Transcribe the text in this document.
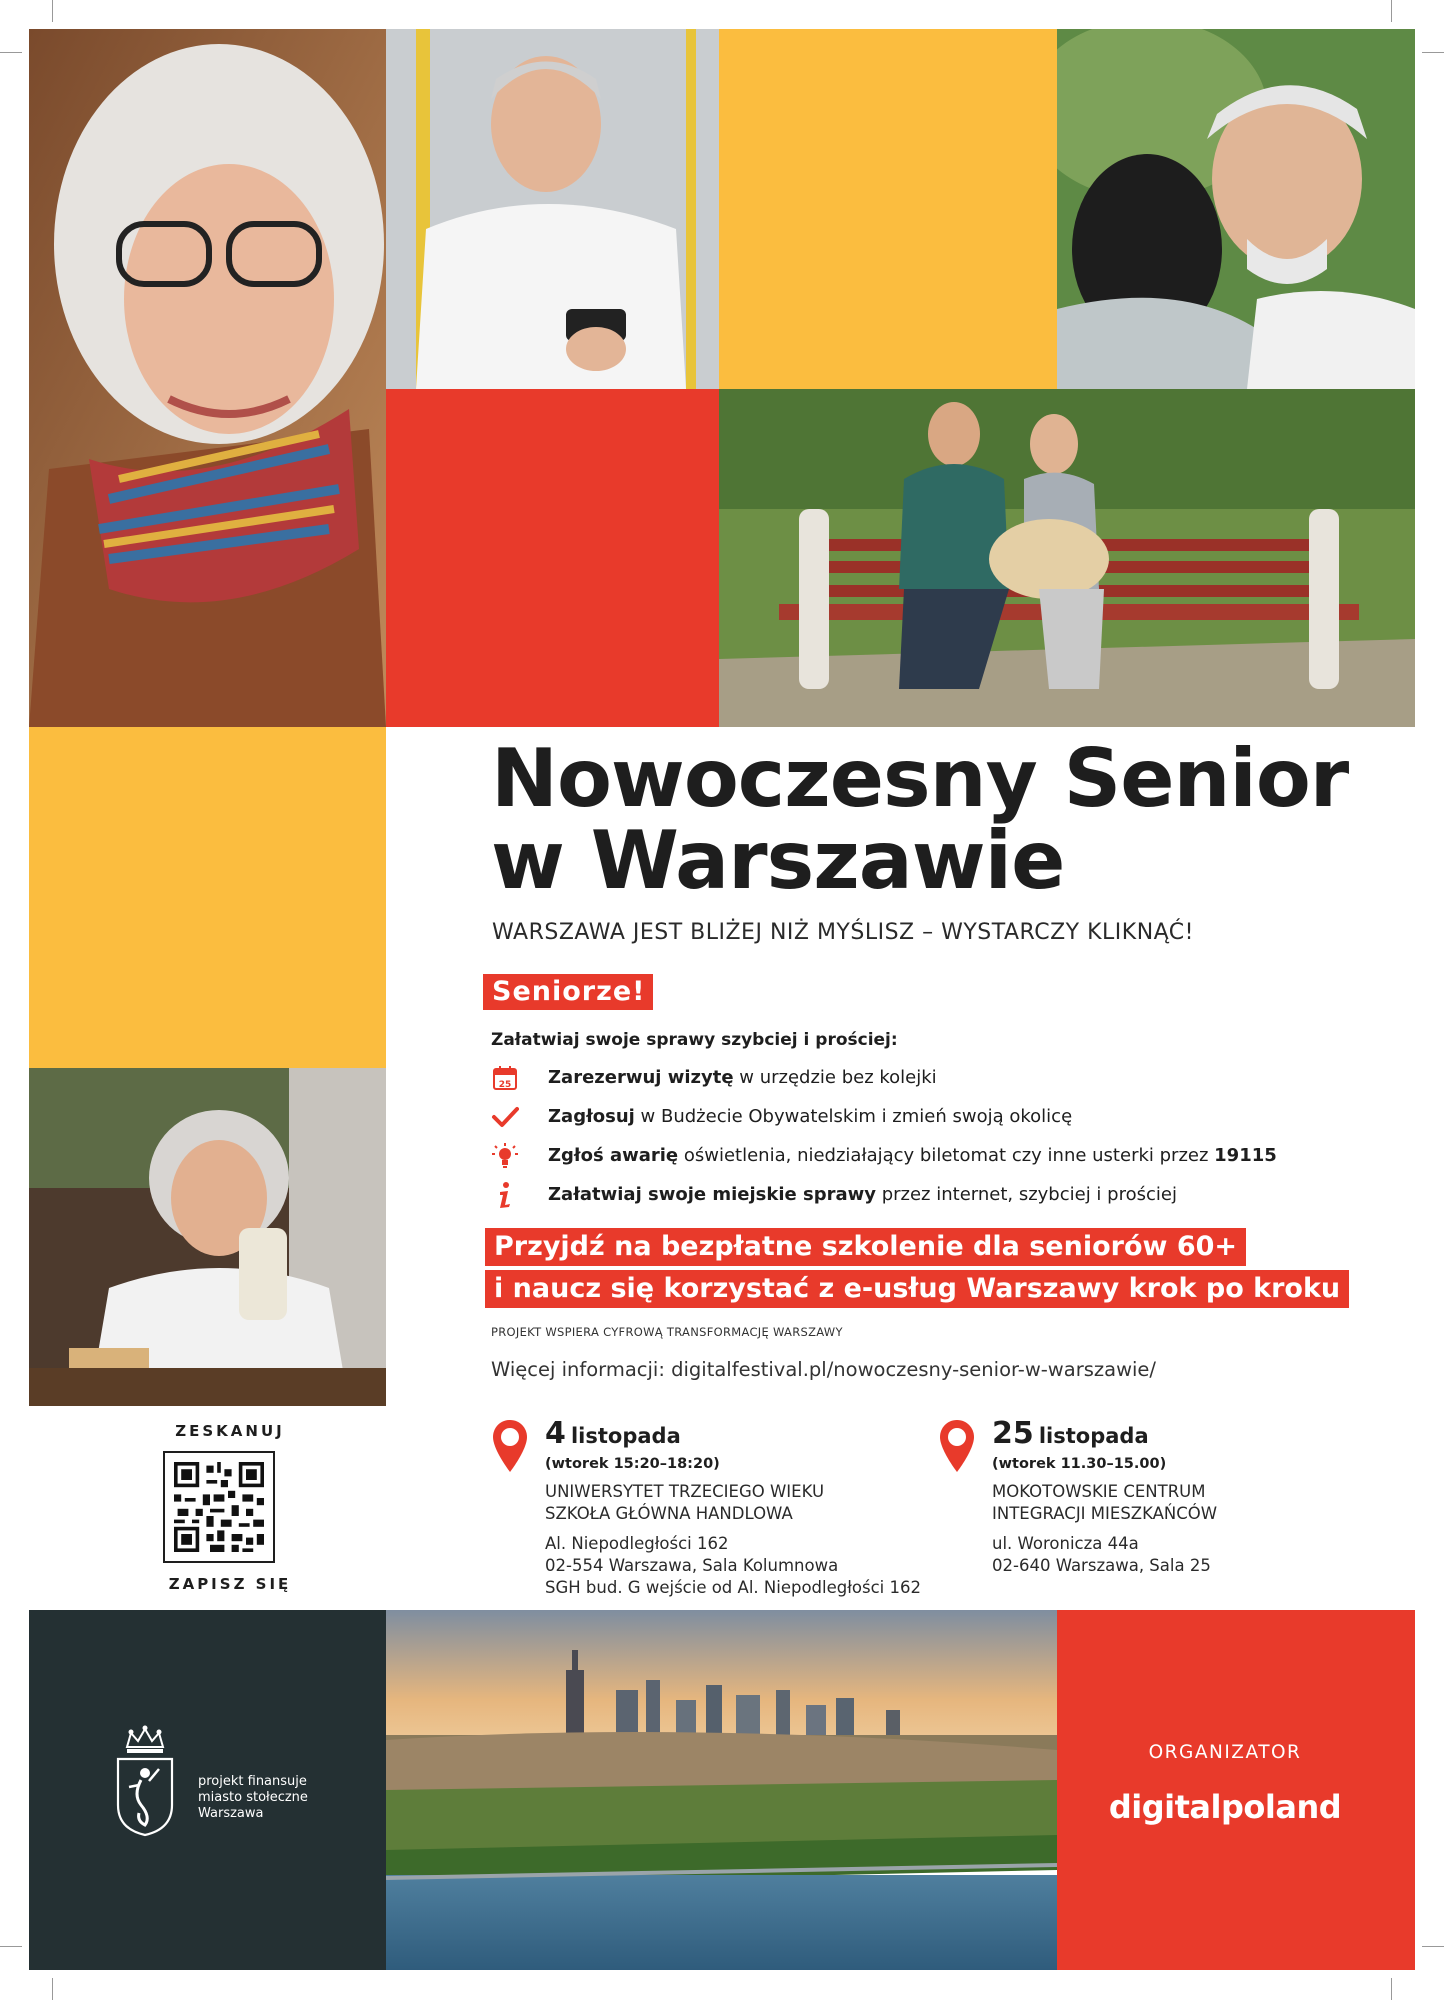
Nowoczesny Senior
w Warszawie
WARSZAWA JEST BLIŻEJ NIŻ MYŚLISZ – WYSTARCZY KLIKNĄĆ!
Seniorze!
Załatwiaj swoje sprawy szybciej i prościej:
25 Zarezerwuj wizytę w urzędzie bez kolejki
Zagłosuj w Budżecie Obywatelskim i zmień swoją okolicę
Zgłoś awarię oświetlenia, niedziałający biletomat czy inne usterki przez 19115
Załatwiaj swoje miejskie sprawy przez internet, szybciej i prościej
Przyjdź na bezpłatne szkolenie dla seniorów 60+
i naucz się korzystać z e-usług Warszawy krok po kroku
PROJEKT WSPIERA CYFROWĄ TRANSFORMACJĘ WARSZAWY
Więcej informacji: digitalfestival.pl/nowoczesny-senior-w-warszawie/
ZESKANUJ
ZAPISZ SIĘ
4 listopada
(wtorek 15:20–18:20)
UNIWERSYTET TRZECIEGO WIEKU
SZKOŁA GŁÓWNA HANDLOWA
Al. Niepodległości 162
02-554 Warszawa, Sala Kolumnowa
SGH bud. G wejście od Al. Niepodległości 162
25 listopada
(wtorek 11.30–15.00)
MOKOTOWSKIE CENTRUM
INTEGRACJI MIESZKAŃCÓW
ul. Woronicza 44a
02-640 Warszawa, Sala 25
projekt finansuje
miasto stołeczne
Warszawa
ORGANIZATOR
digitalpoland
